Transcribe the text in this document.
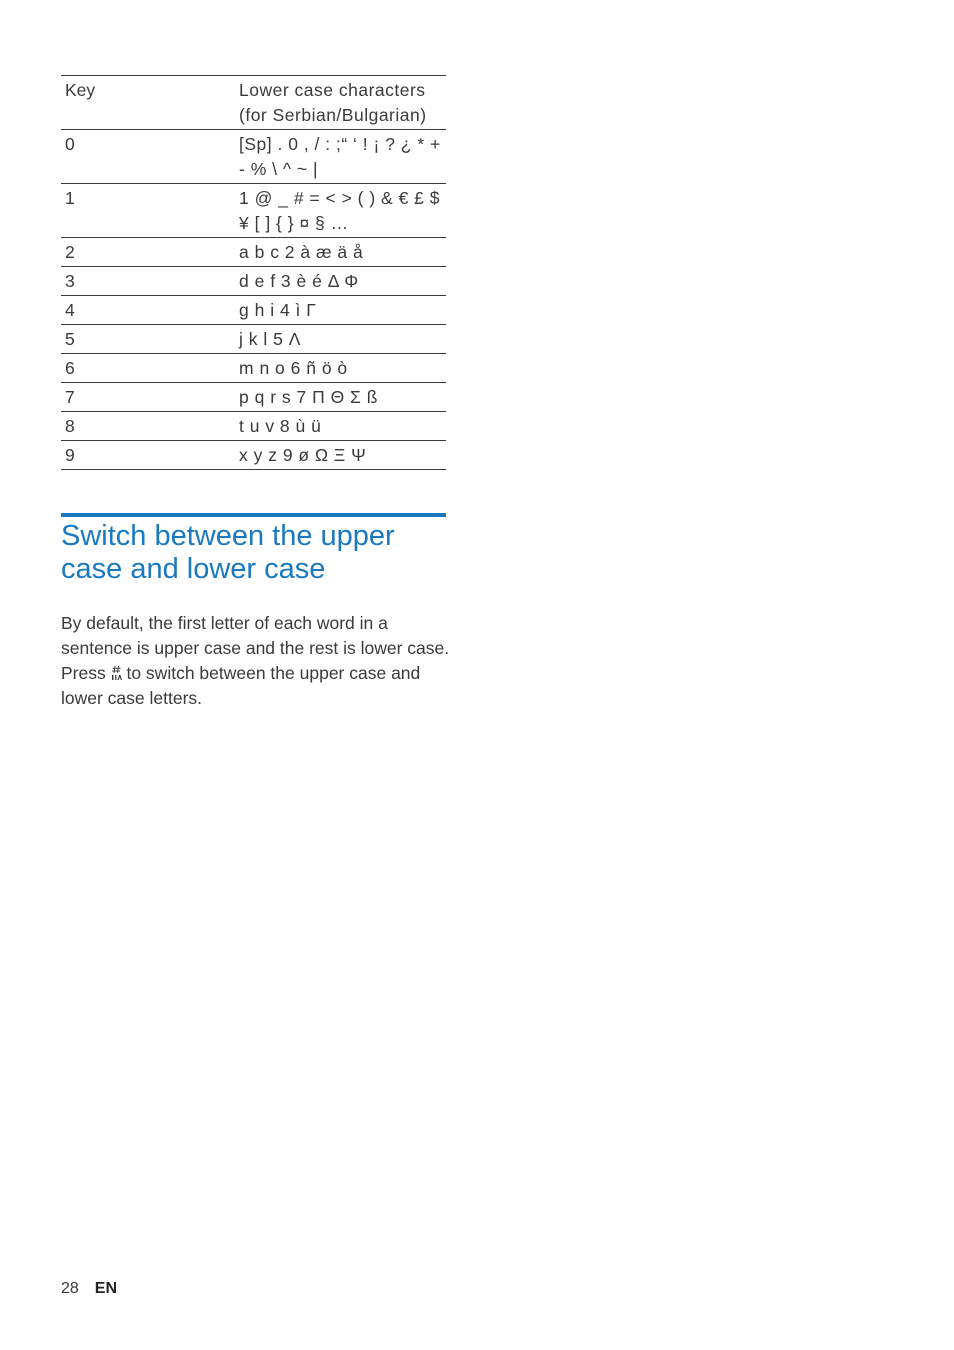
Key	Lower case characters (for Serbian/Bulgarian)
0	[Sp] . 0 , / : ;“ ‘ ! ¡ ? ¿ * + - % \ ^ ~ |
1	1 @ _ # = < > ( ) & € £ $ ¥ [ ] { } ¤ § …
2	a b c 2 à æ ä å
3	d e f 3 è é Δ Φ
4	g h i 4 ì Γ
5	j k l 5 Λ
6	m n o 6 ñ ö ò
7	p q r s 7 Π Θ Σ ß
8	t u v 8 ù ü
9	x y z 9 ø Ω Ξ Ψ
Switch between the upper case and lower case

By default, the first letter of each word in a sentence is upper case and the rest is lower case. Press  to switch between the upper case and lower case letters.

28 EN
